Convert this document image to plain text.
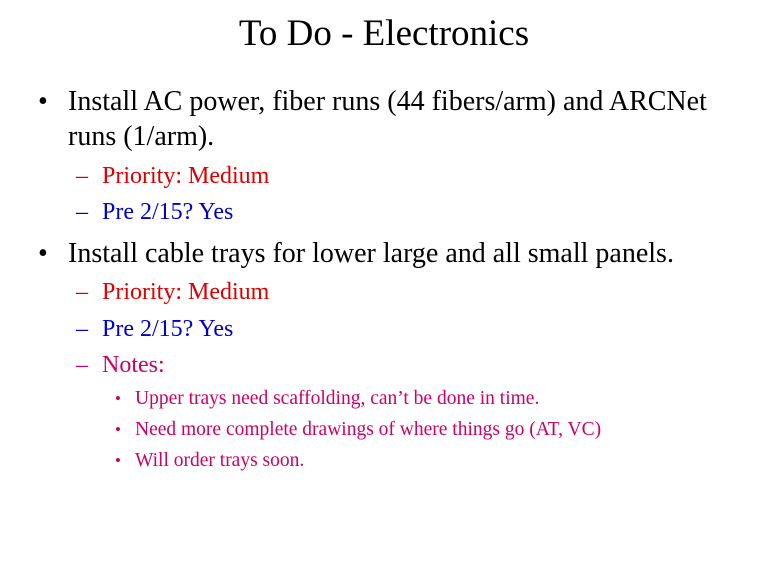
To Do - Electronics
• Install AC power, fiber runs (44 fibers/arm) and ARCNet runs (1/arm).
– Priority: Medium
– Pre 2/15? Yes
• Install cable trays for lower large and all small panels.
– Priority: Medium
– Pre 2/15? Yes
– Notes:
• Upper trays need scaffolding, can’t be done in time.
• Need more complete drawings of where things go (AT, VC)
• Will order trays soon.
